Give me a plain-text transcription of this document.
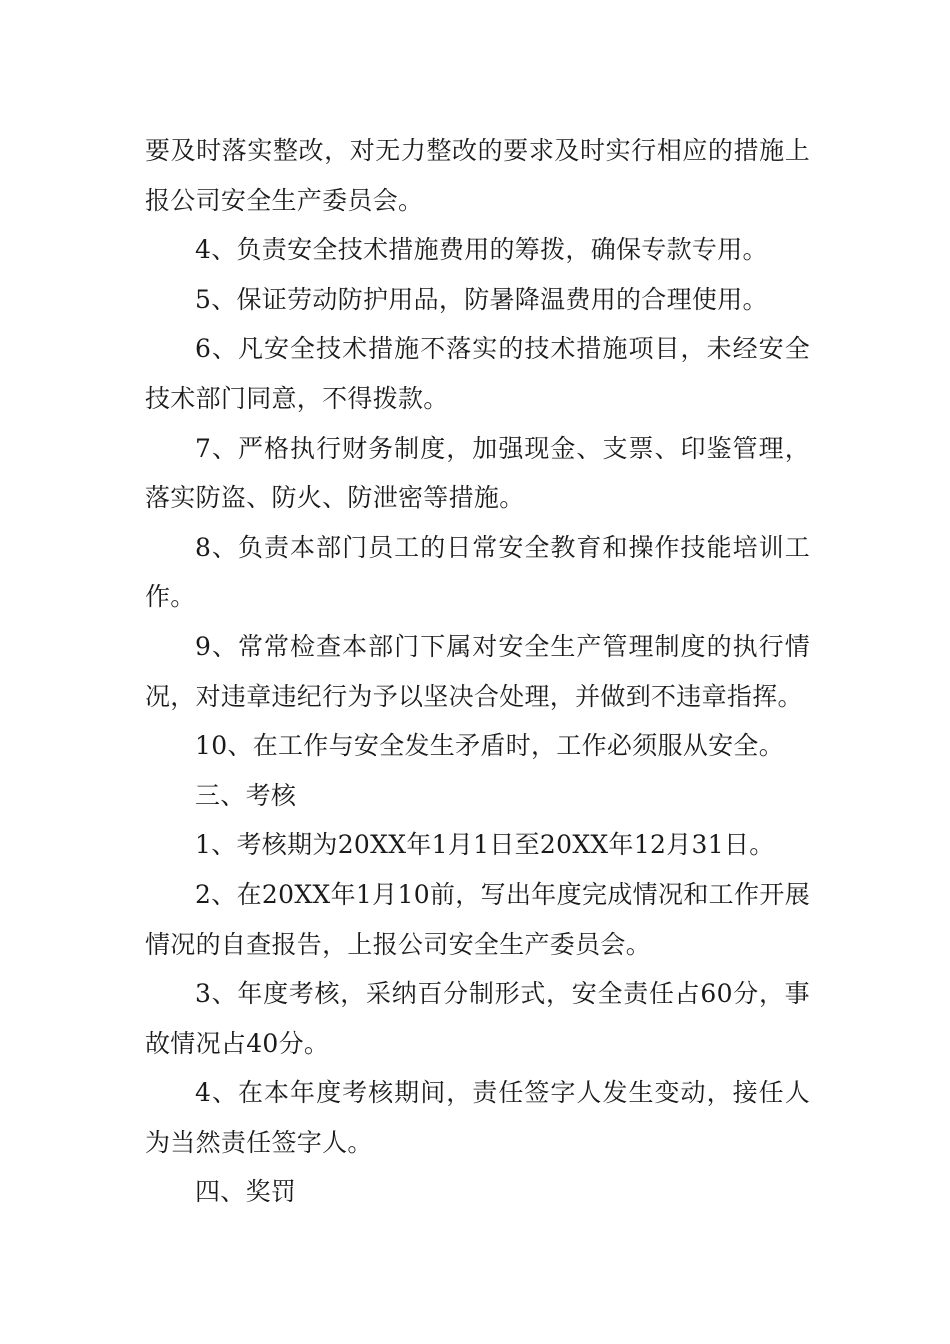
要及时落实整改，对无力整改的要求及时实行相应的措施上报公司安全生产委员会。

4、负责安全技术措施费用的筹拨，确保专款专用。

5、保证劳动防护用品，防暑降温费用的合理使用。

6、凡安全技术措施不落实的技术措施项目，未经安全技术部门同意，不得拨款。

7、严格执行财务制度，加强现金、支票、印鉴管理，落实防盗、防火、防泄密等措施。

8、负责本部门员工的日常安全教育和操作技能培训工作。

9、常常检查本部门下属对安全生产管理制度的执行情况，对违章违纪行为予以坚决合处理，并做到不违章指挥。

10、在工作与安全发生矛盾时，工作必须服从安全。

三、考核

1、考核期为20XX年1月1日至20XX年12月31日。

2、在20XX年1月10前，写出年度完成情况和工作开展情况的自查报告，上报公司安全生产委员会。

3、年度考核，采纳百分制形式，安全责任占60分，事故情况占40分。

4、在本年度考核期间，责任签字人发生变动，接任人为当然责任签字人。

四、奖罚
